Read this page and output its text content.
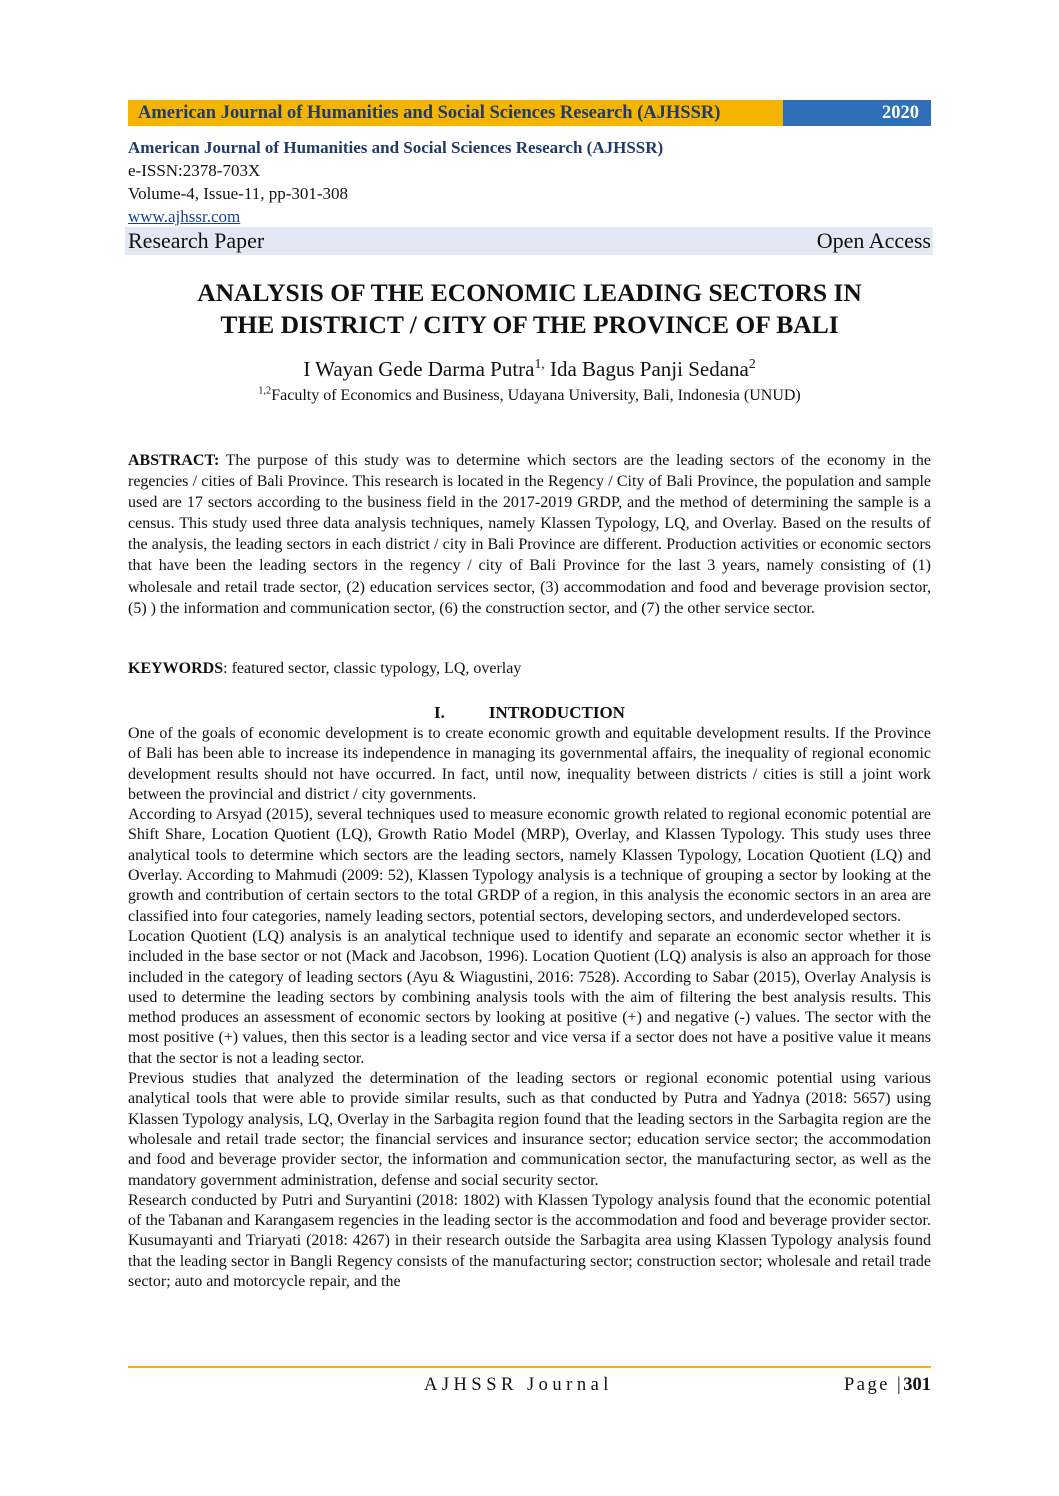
American Journal of Humanities and Social Sciences Research (AJHSSR)	2020
American Journal of Humanities and Social Sciences Research (AJHSSR)
e-ISSN:2378-703X
Volume-4, Issue-11, pp-301-308
www.ajhssr.com
Research Paper	Open Access
ANALYSIS OF THE ECONOMIC LEADING SECTORS IN
THE DISTRICT / CITY OF THE PROVINCE OF BALI
I Wayan Gede Darma Putra$^{1,}$ Ida Bagus Panji Sedana$^2$
$^{1,2}$Faculty of Economics and Business, Udayana University, Bali, Indonesia (UNUD)
ABSTRACT: The purpose of this study was to determine which sectors are the leading sectors of the economy in the regencies / cities of Bali Province. This research is located in the Regency / City of Bali Province, the population and sample used are 17 sectors according to the business field in the 2017-2019 GRDP, and the method of determining the sample is a census. This study used three data analysis techniques, namely Klassen Typology, LQ, and Overlay. Based on the results of the analysis, the leading sectors in each district / city in Bali Province are different. Production activities or economic sectors that have been the leading sectors in the regency / city of Bali Province for the last 3 years, namely consisting of (1) wholesale and retail trade sector, (2) education services sector, (3) accommodation and food and beverage provision sector, (5) ) the information and communication sector, (6) the construction sector, and (7) the other service sector.
KEYWORDS: featured sector, classic typology, LQ, overlay
I.	INTRODUCTION

One of the goals of economic development is to create economic growth and equitable development results. If the Province of Bali has been able to increase its independence in managing its governmental affairs, the inequality of regional economic development results should not have occurred. In fact, until now, inequality between districts / cities is still a joint work between the provincial and district / city governments.

According to Arsyad (2015), several techniques used to measure economic growth related to regional economic potential are Shift Share, Location Quotient (LQ), Growth Ratio Model (MRP), Overlay, and Klassen Typology. This study uses three analytical tools to determine which sectors are the leading sectors, namely Klassen Typology, Location Quotient (LQ) and Overlay. According to Mahmudi (2009: 52), Klassen Typology analysis is a technique of grouping a sector by looking at the growth and contribution of certain sectors to the total GRDP of a region, in this analysis the economic sectors in an area are classified into four categories, namely leading sectors, potential sectors, developing sectors, and underdeveloped sectors.

Location Quotient (LQ) analysis is an analytical technique used to identify and separate an economic sector whether it is included in the base sector or not (Mack and Jacobson, 1996). Location Quotient (LQ) analysis is also an approach for those included in the category of leading sectors (Ayu & Wiagustini, 2016: 7528). According to Sabar (2015), Overlay Analysis is used to determine the leading sectors by combining analysis tools with the aim of filtering the best analysis results. This method produces an assessment of economic sectors by looking at positive (+) and negative (-) values. The sector with the most positive (+) values, then this sector is a leading sector and vice versa if a sector does not have a positive value it means that the sector is not a leading sector.

Previous studies that analyzed the determination of the leading sectors or regional economic potential using various analytical tools that were able to provide similar results, such as that conducted by Putra and Yadnya (2018: 5657) using Klassen Typology analysis, LQ, Overlay in the Sarbagita region found that the leading sectors in the Sarbagita region are the wholesale and retail trade sector; the financial services and insurance sector; education service sector; the accommodation and food and beverage provider sector, the information and communication sector, the manufacturing sector, as well as the mandatory government administration, defense and social security sector.

Research conducted by Putri and Suryantini (2018: 1802) with Klassen Typology analysis found that the economic potential of the Tabanan and Karangasem regencies in the leading sector is the accommodation and food and beverage provider sector. Kusumayanti and Triaryati (2018: 4267) in their research outside the Sarbagita area using Klassen Typology analysis found that the leading sector in Bangli Regency consists of the manufacturing sector; construction sector; wholesale and retail trade sector; auto and motorcycle repair, and the

AJHSSR Journal	Page |301
